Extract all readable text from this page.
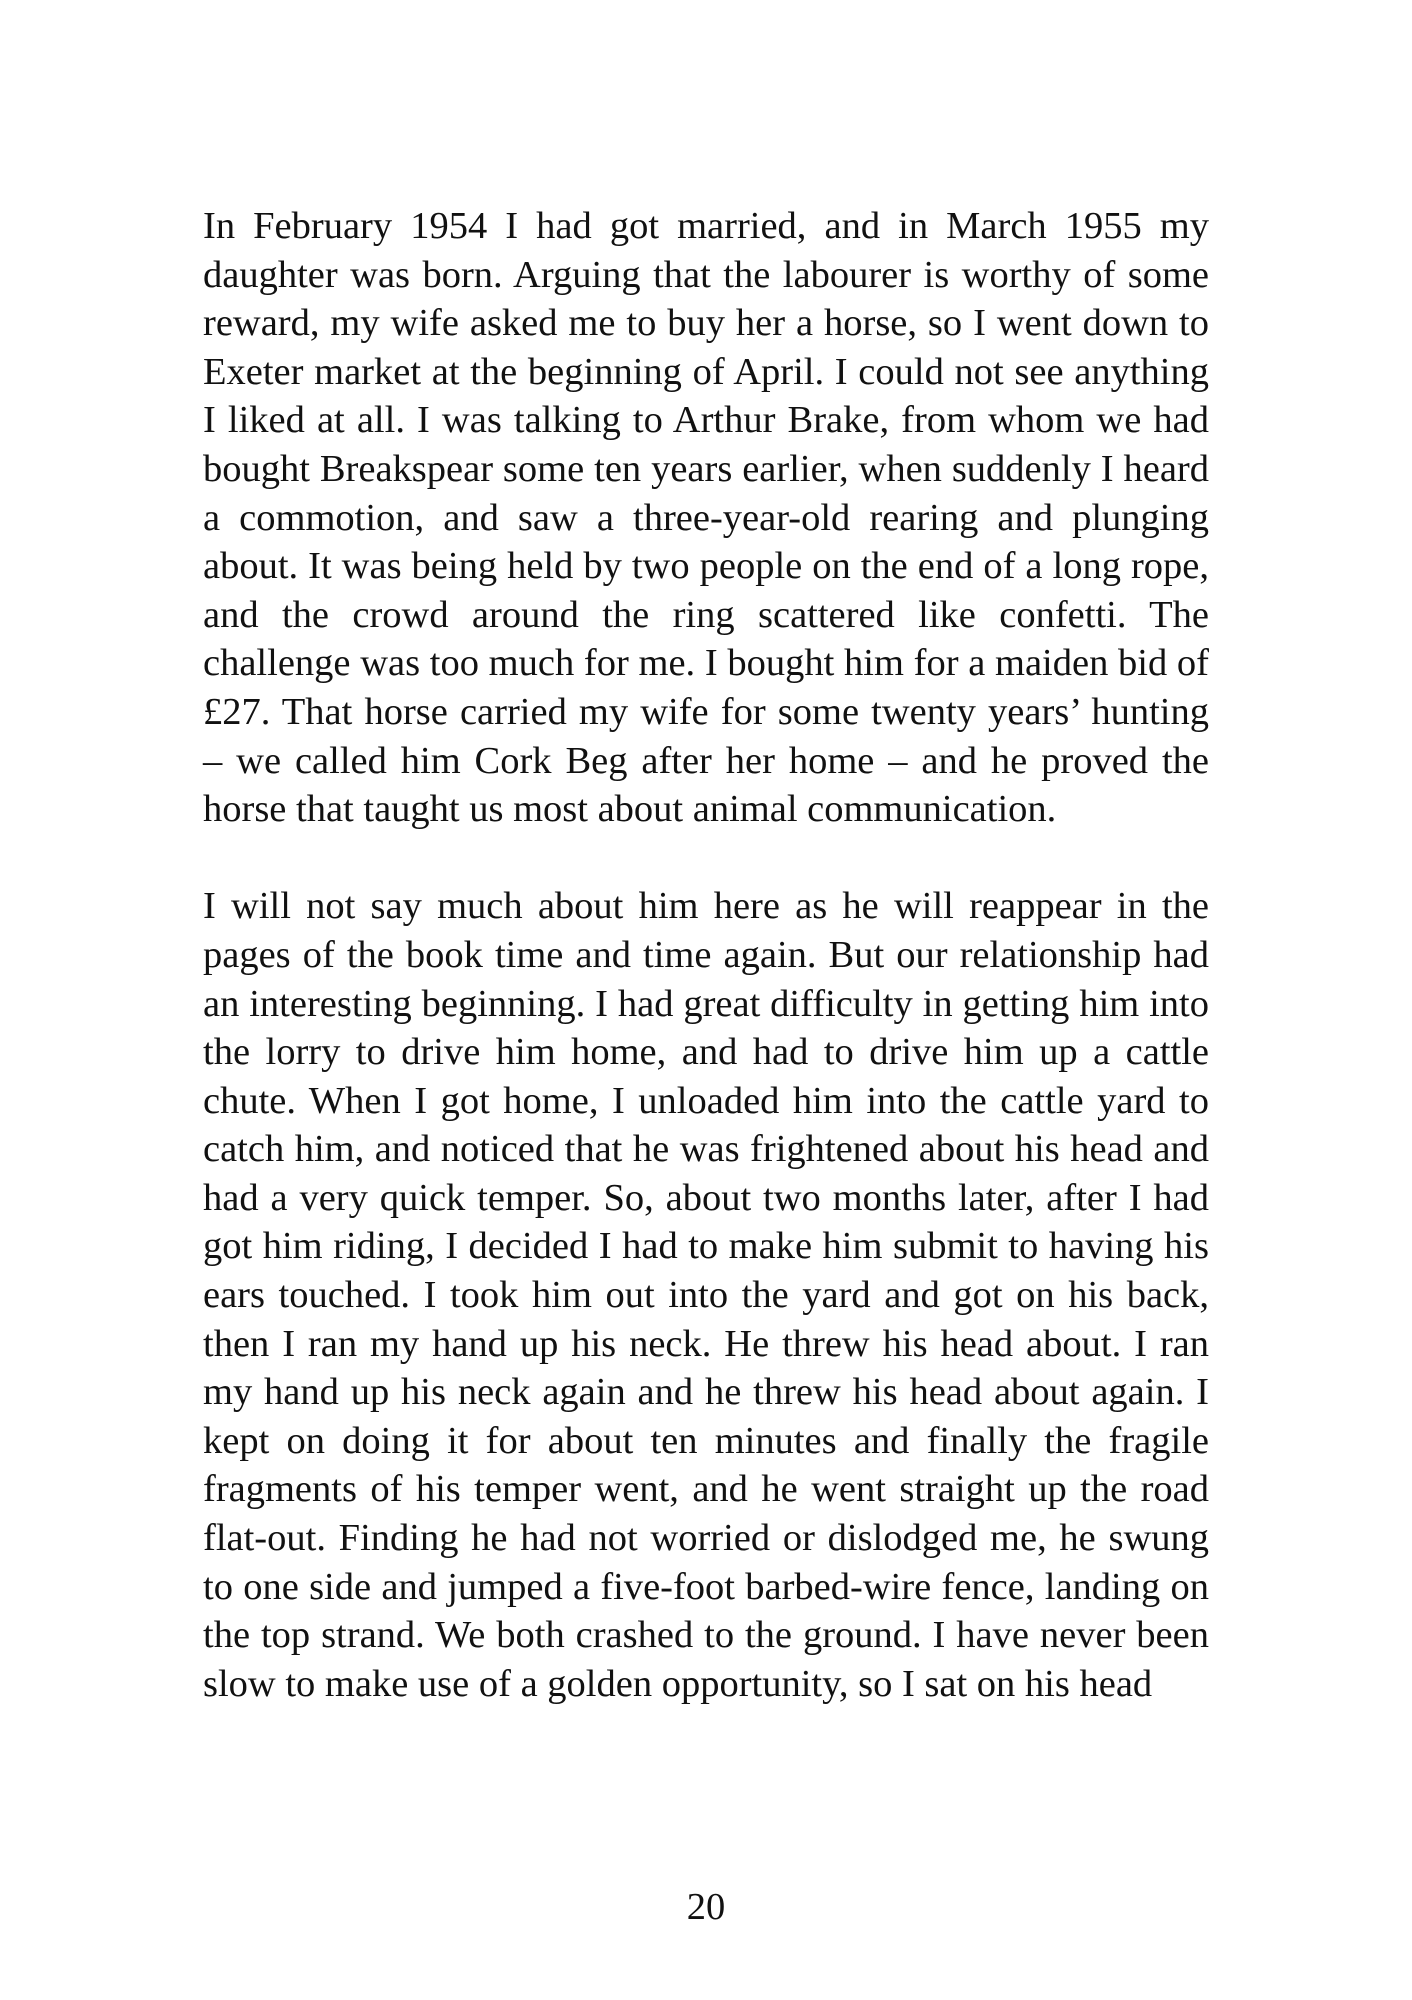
In February 1954 I had got married, and in March 1955 my daughter was born. Arguing that the labourer is worthy of some reward, my wife asked me to buy her a horse, so I went down to Exeter market at the beginning of April. I could not see anything I liked at all. I was talking to Arthur Brake, from whom we had bought Breakspear some ten years earlier, when suddenly I heard a commotion, and saw a three-year-old rearing and plunging about. It was being held by two people on the end of a long rope, and the crowd around the ring scattered like confetti. The challenge was too much for me. I bought him for a maiden bid of £27. That horse carried my wife for some twenty years’ hunting – we called him Cork Beg after her home – and he proved the horse that taught us most about animal communication.

I will not say much about him here as he will reappear in the pages of the book time and time again. But our relationship had an interesting beginning. I had great difficulty in getting him into the lorry to drive him home, and had to drive him up a cattle chute. When I got home, I unloaded him into the cattle yard to catch him, and noticed that he was frightened about his head and had a very quick temper. So, about two months later, after I had got him riding, I decided I had to make him submit to having his ears touched. I took him out into the yard and got on his back, then I ran my hand up his neck. He threw his head about. I ran my hand up his neck again and he threw his head about again. I kept on doing it for about ten minutes and finally the fragile fragments of his temper went, and he went straight up the road flat-out. Finding he had not worried or dislodged me, he swung to one side and jumped a five-foot barbed-wire fence, landing on the top strand. We both crashed to the ground. I have never been slow to make use of a golden opportunity, so I sat on his head

20
